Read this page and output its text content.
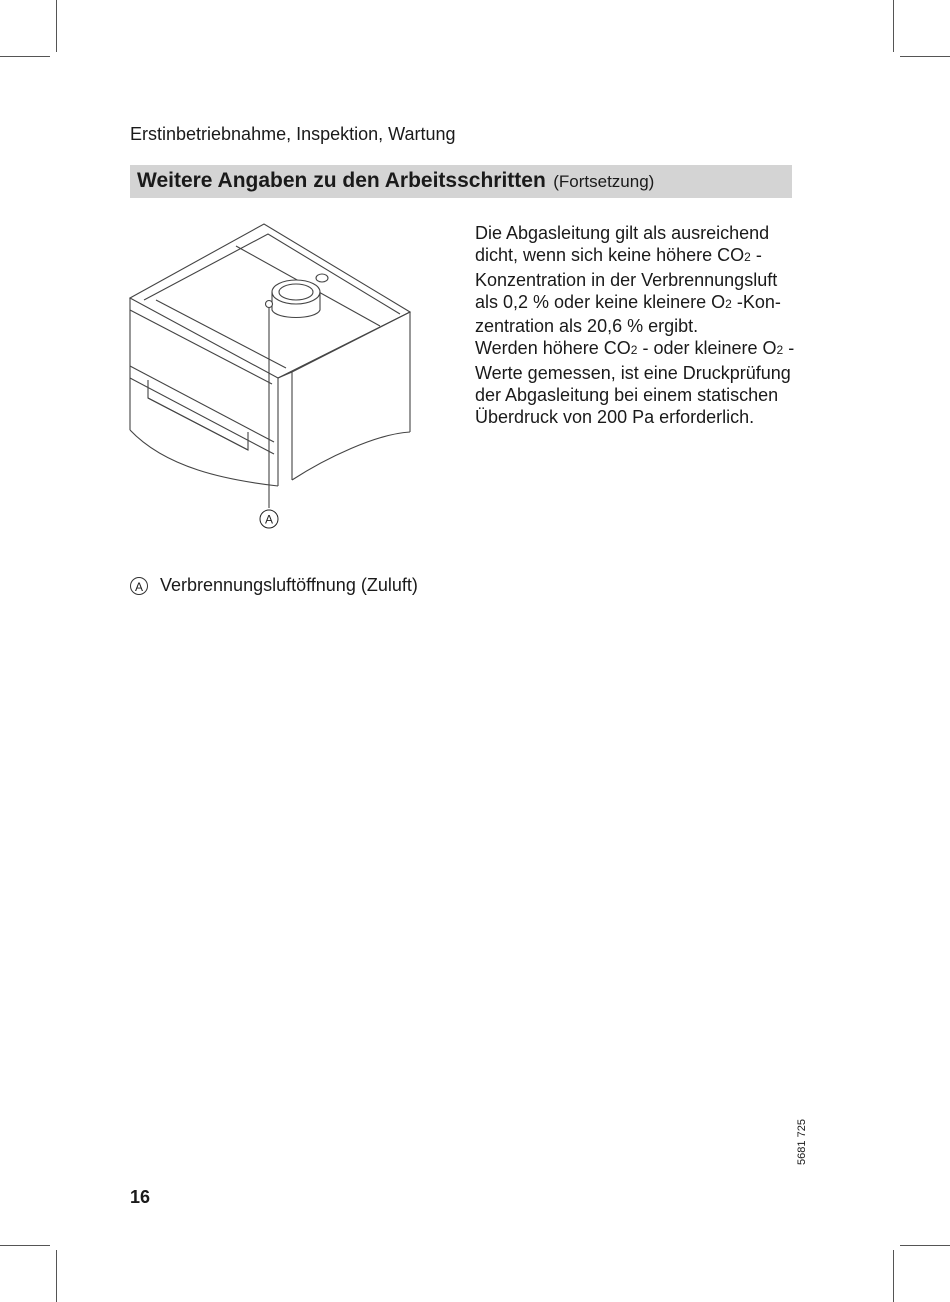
Erstinbetriebnahme, Inspektion, Wartung
Weitere Angaben zu den Arbeitsschritten (Fortsetzung)
A

Die Abgasleitung gilt als ausreichend dicht, wenn sich keine höhere CO2 - Konzentration in der Verbrennungsluft als 0,2 % oder keine kleinere O2 -Konzentration als 20,6 % ergibt.

Werden höhere CO2 - oder kleinere O2 -Werte gemessen, ist eine Druckprüfung der Abgasleitung bei einem statischen Überdruck von 200 Pa erforderlich.

A Verbrennungsluftöffnung (Zuluft)
5681 725
16
